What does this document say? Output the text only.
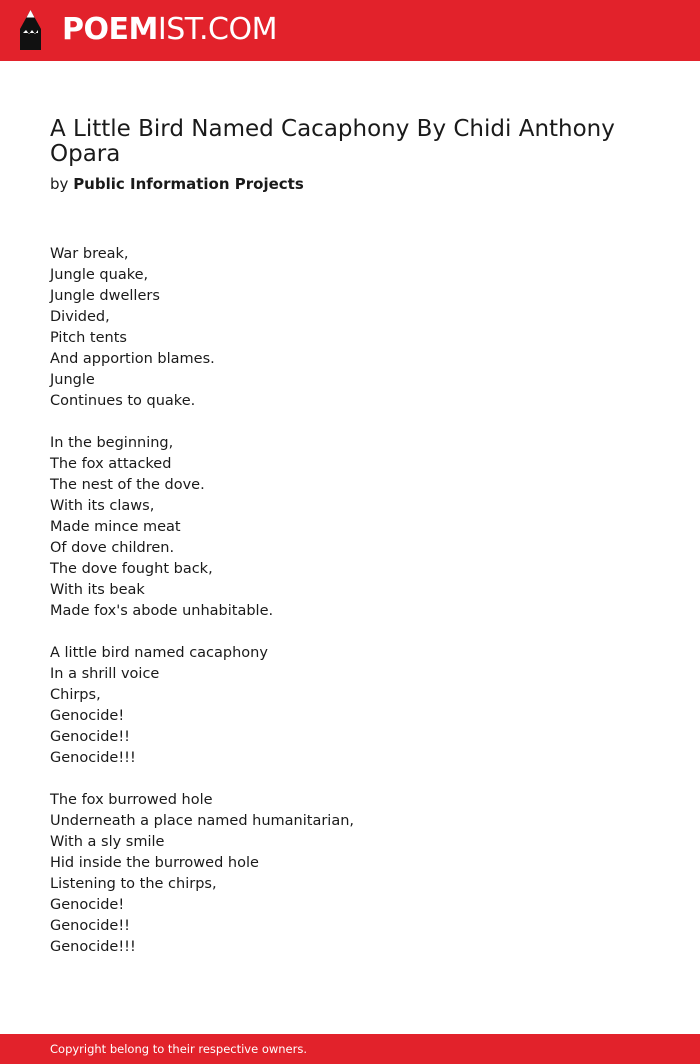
POEMIST.COM
A Little Bird Named Cacaphony By Chidi Anthony Opara
by Public Information Projects
War break,
Jungle quake,
Jungle dwellers
Divided,
Pitch tents
And apportion blames.
Jungle
Continues to quake.
In the beginning,
The fox attacked
The nest of the dove.
With its claws,
Made mince meat
Of dove children.
The dove fought back,
With its beak
Made fox's abode unhabitable.
A little bird named cacaphony
In a shrill voice
Chirps,
Genocide!
Genocide!!
Genocide!!!
The fox burrowed hole
Underneath a place named humanitarian,
With a sly smile
Hid inside the burrowed hole
Listening to the chirps,
Genocide!
Genocide!!
Genocide!!!
Copyright belong to their respective owners.
